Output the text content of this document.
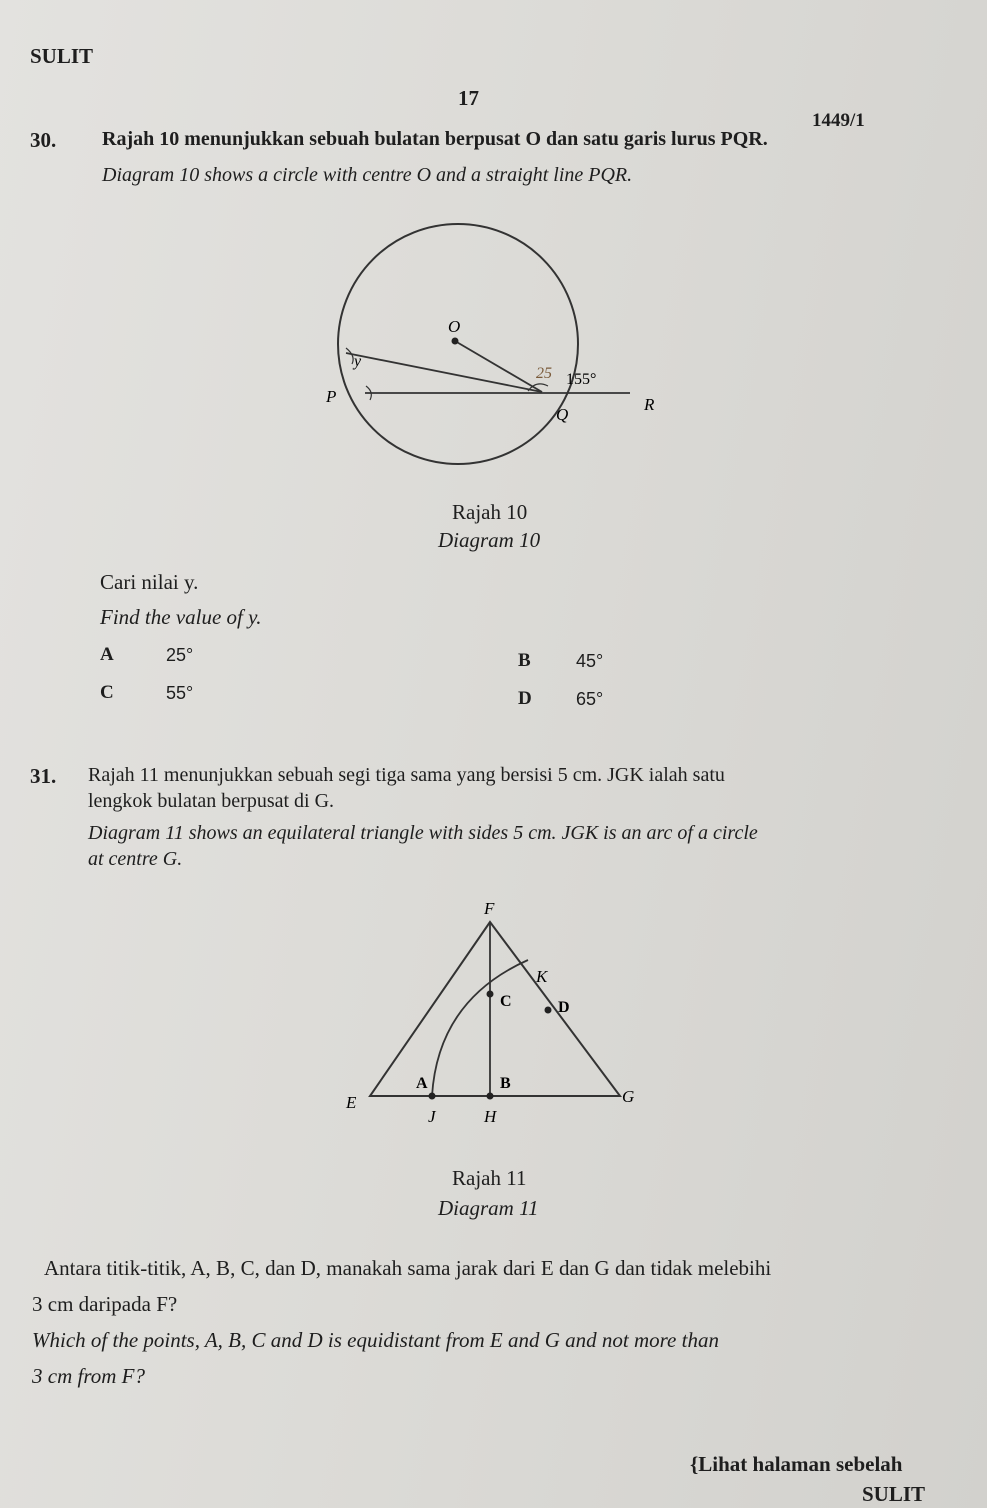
SULIT
17
1449/1
30. Rajah 10 menunjukkan sebuah bulatan berpusat O dan satu garis lurus PQR.
Diagram 10 shows a circle with centre O and a straight line PQR.
O
y
P
Q
R
155°
25
Rajah 10
Diagram 10
Cari nilai y.
Find the value of y.
A	25°	B	45°
C	55°	D 65°
31. Rajah 11 menunjukkan sebuah segi tiga sama yang bersisi 5 cm. JGK ialah satu
lengkok bulatan berpusat di G.
Diagram 11 shows an equilateral triangle with sides 5 cm. JGK is an arc of a circle
at centre G.
F
K
C	D
A	B
E	G
J	H
Rajah 11
Diagram 11
Antara titik-titik, A, B, C, dan D, manakah sama jarak dari E dan G dan tidak melebihi
3 cm daripada F?
Which of the points, A, B, C and D is equidistant from E and G and not more than
3 cm from F?
{Lihat halaman sebelah
SULIT
